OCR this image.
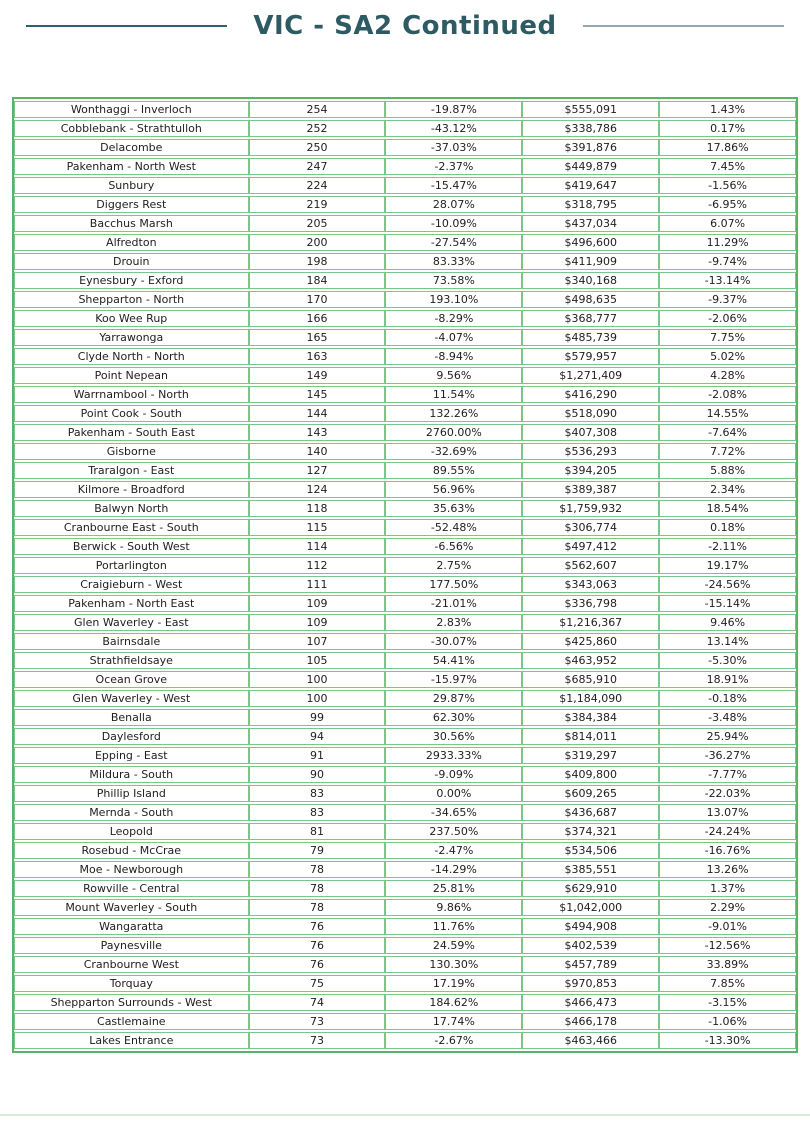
VIC - SA2 Continued
Wonthaggi - Inverloch	254	-19.87%	$555,091	1.43%
Cobblebank - Strathtulloh	252	-43.12%	$338,786	0.17%
Delacombe	250	-37.03%	$391,876	17.86%
Pakenham - North West	247	-2.37%	$449,879	7.45%
Sunbury	224	-15.47%	$419,647	-1.56%
Diggers Rest	219	28.07%	$318,795	-6.95%
Bacchus Marsh	205	-10.09%	$437,034	6.07%
Alfredton	200	-27.54%	$496,600	11.29%
Drouin	198	83.33%	$411,909	-9.74%
Eynesbury - Exford	184	73.58%	$340,168	-13.14%
Shepparton - North	170	193.10%	$498,635	-9.37%
Koo Wee Rup	166	-8.29%	$368,777	-2.06%
Yarrawonga	165	-4.07%	$485,739	7.75%
Clyde North - North	163	-8.94%	$579,957	5.02%
Point Nepean	149	9.56%	$1,271,409	4.28%
Warrnambool - North	145	11.54%	$416,290	-2.08%
Point Cook - South	144	132.26%	$518,090	14.55%
Pakenham - South East	143	2760.00%	$407,308	-7.64%
Gisborne	140	-32.69%	$536,293	7.72%
Traralgon - East	127	89.55%	$394,205	5.88%
Kilmore - Broadford	124	56.96%	$389,387	2.34%
Balwyn North	118	35.63%	$1,759,932	18.54%
Cranbourne East - South	115	-52.48%	$306,774	0.18%
Berwick - South West	114	-6.56%	$497,412	-2.11%
Portarlington	112	2.75%	$562,607	19.17%
Craigieburn - West	111	177.50%	$343,063	-24.56%
Pakenham - North East	109	-21.01%	$336,798	-15.14%
Glen Waverley - East	109	2.83%	$1,216,367	9.46%
Bairnsdale	107	-30.07%	$425,860	13.14%
Strathfieldsaye	105	54.41%	$463,952	-5.30%
Ocean Grove	100	-15.97%	$685,910	18.91%
Glen Waverley - West	100	29.87%	$1,184,090	-0.18%
Benalla	99	62.30%	$384,384	-3.48%
Daylesford	94	30.56%	$814,011	25.94%
Epping - East	91	2933.33%	$319,297	-36.27%
Mildura - South	90	-9.09%	$409,800	-7.77%
Phillip Island	83	0.00%	$609,265	-22.03%
Mernda - South	83	-34.65%	$436,687	13.07%
Leopold	81	237.50%	$374,321	-24.24%
Rosebud - McCrae	79	-2.47%	$534,506	-16.76%
Moe - Newborough	78	-14.29%	$385,551	13.26%
Rowville - Central	78	25.81%	$629,910	1.37%
Mount Waverley - South	78	9.86%	$1,042,000	2.29%
Wangaratta	76	11.76%	$494,908	-9.01%
Paynesville	76	24.59%	$402,539	-12.56%
Cranbourne West	76	130.30%	$457,789	33.89%
Torquay	75	17.19%	$970,853	7.85%
Shepparton Surrounds - West	74	184.62%	$466,473	-3.15%
Castlemaine	73	17.74%	$466,178	-1.06%
Lakes Entrance	73	-2.67%	$463,466	-13.30%
